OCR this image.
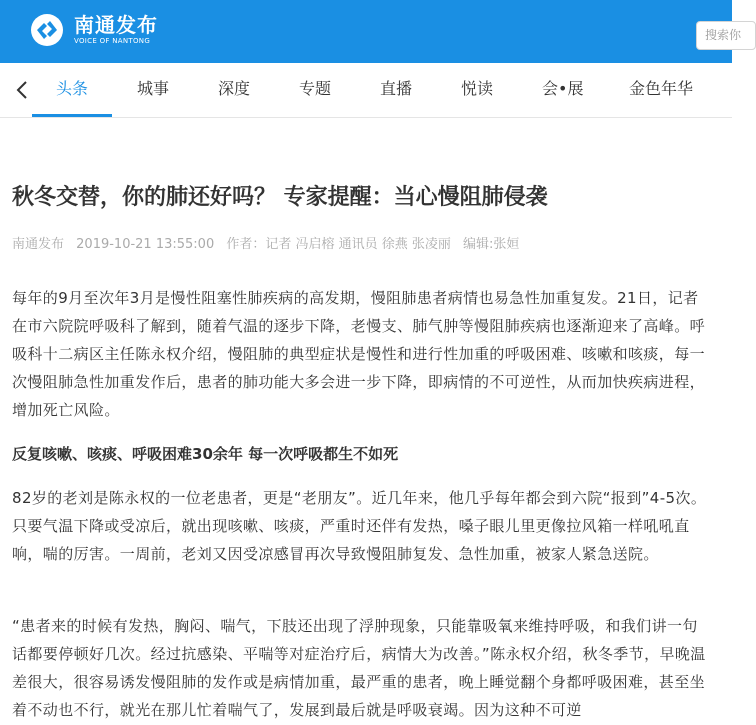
南通发布
VOICE OF NANTONG	搜索你
头条	城事	深度	专题	直播	悦读	会•展	金色年华
秋冬交替，你的肺还好吗？ 专家提醒：当心慢阻肺侵袭
南通发布 2019-10-21 13:55:00 作者：记者 冯启榕 通讯员 徐燕 张凌丽 编辑:张姮

每年的9月至次年3月是慢性阻塞性肺疾病的高发期，慢阻肺患者病情也易急性加重复发。21日，记者在市六院院呼吸科了解到，随着气温的逐步下降，老慢支、肺气肿等慢阻肺疾病也逐渐迎来了高峰。呼吸科十二病区主任陈永权介绍，慢阻肺的典型症状是慢性和进行性加重的呼吸困难、咳嗽和咳痰，每一次慢阻肺急性加重发作后，患者的肺功能大多会进一步下降，即病情的不可逆性，从而加快疾病进程，增加死亡风险。

反复咳嗽、咳痰、呼吸困难30余年 每一次呼吸都生不如死

82岁的老刘是陈永权的一位老患者，更是“老朋友”。近几年来，他几乎每年都会到六院“报到”4-5次。只要气温下降或受凉后，就出现咳嗽、咳痰，严重时还伴有发热，嗓子眼儿里更像拉风箱一样吼吼直响，喘的厉害。一周前，老刘又因受凉感冒再次导致慢阻肺复发、急性加重，被家人紧急送院。

“患者来的时候有发热，胸闷、喘气，下肢还出现了浮肿现象，只能靠吸氧来维持呼吸，和我们讲一句话都要停顿好几次。经过抗感染、平喘等对症治疗后，病情大为改善。”陈永权介绍，秋冬季节，早晚温差很大，很容易诱发慢阻肺的发作或是病情加重，最严重的患者，晚上睡觉翻个身都呼吸困难，甚至坐着不动也不行，就光在那儿忙着喘气了，发展到最后就是呼吸衰竭。因为这种不可逆
